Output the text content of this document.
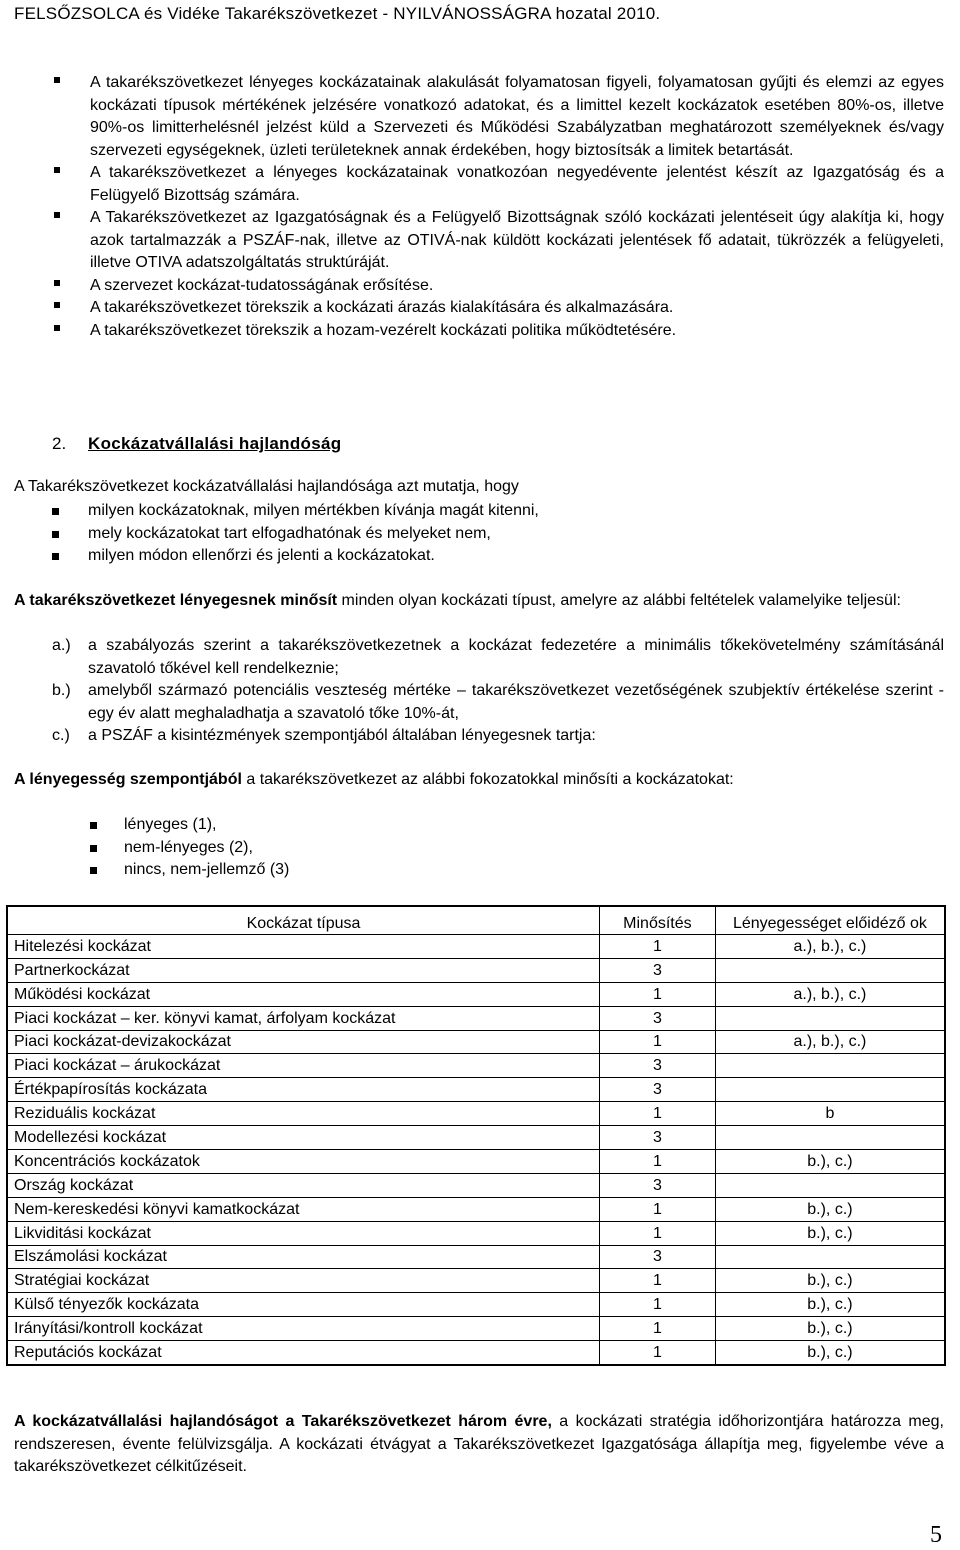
FELSŐZSOLCA és Vidéke Takarékszövetkezet - NYILVÁNOSSÁGRA hozatal 2010.
A takarékszövetkezet lényeges kockázatainak alakulását folyamatosan figyeli, folyamatosan gyűjti és elemzi az egyes kockázati típusok mértékének jelzésére vonatkozó adatokat, és a limittel kezelt kockázatok esetében 80%-os, illetve 90%-os limitterhelésnél jelzést küld a Szervezeti és Működési Szabályzatban meghatározott személyeknek és/vagy szervezeti egységeknek, üzleti területeknek annak érdekében, hogy biztosítsák a limitek betartását.
A takarékszövetkezet a lényeges kockázatainak vonatkozóan negyedévente jelentést készít az Igazgatóság és a Felügyelő Bizottság számára.
A Takarékszövetkezet az Igazgatóságnak és a Felügyelő Bizottságnak szóló kockázati jelentéseit úgy alakítja ki, hogy azok tartalmazzák a PSZÁF-nak, illetve az OTIVÁ-nak küldött kockázati jelentések fő adatait, tükrözzék a felügyeleti, illetve OTIVA adatszolgáltatás struktúráját.
A szervezet kockázat-tudatosságának erősítése.
A takarékszövetkezet törekszik a kockázati árazás kialakítására és alkalmazására.
A takarékszövetkezet törekszik a hozam-vezérelt kockázati politika működtetésére.
2. Kockázatvállalási hajlandóság
A Takarékszövetkezet kockázatvállalási hajlandósága azt mutatja, hogy
milyen kockázatoknak, milyen mértékben kívánja magát kitenni,
mely kockázatokat tart elfogadhatónak és melyeket nem,
milyen módon ellenőrzi és jelenti a kockázatokat.
A takarékszövetkezet lényegesnek minősít minden olyan kockázati típust, amelyre az alábbi feltételek valamelyike teljesül:
a.) a szabályozás szerint a takarékszövetkezetnek a kockázat fedezetére a minimális tőkekövetelmény számításánál szavatoló tőkével kell rendelkeznie;
b.) amelyből származó potenciális veszteség mértéke – takarékszövetkezet vezetőségének szubjektív értékelése szerint - egy év alatt meghaladhatja a szavatoló tőke 10%-át,
c.) a PSZÁF a kisintézmények szempontjából általában lényegesnek tartja:
A lényegesség szempontjából a takarékszövetkezet az alábbi fokozatokkal minősíti a kockázatokat:
lényeges (1),
nem-lényeges (2),
nincs, nem-jellemző (3)
Kockázat típusa	Minősítés	Lényegességet előidéző ok
Hitelezési kockázat	1	a.), b.), c.)
Partnerkockázat	3	
Működési kockázat	1	a.), b.), c.)
Piaci kockázat – ker. könyvi kamat, árfolyam kockázat	3	
Piaci kockázat-devizakockázat	1	a.), b.), c.)
Piaci kockázat – árukockázat	3	
Értékpapírosítás kockázata	3	
Reziduális kockázat	1	b
Modellezési kockázat	3	
Koncentrációs kockázatok	1	b.), c.)
Ország kockázat	3	
Nem-kereskedési könyvi kamatkockázat	1	b.), c.)
Likviditási kockázat	1	b.), c.)
Elszámolási kockázat	3	
Stratégiai kockázat	1	b.), c.)
Külső tényezők kockázata	1	b.), c.)
Irányítási/kontroll kockázat	1	b.), c.)
Reputációs kockázat	1	b.), c.)
A kockázatvállalási hajlandóságot a Takarékszövetkezet három évre, a kockázati stratégia időhorizontjára határozza meg, rendszeresen, évente felülvizsgálja. A kockázati étvágyat a Takarékszövetkezet Igazgatósága állapítja meg, figyelembe véve a takarékszövetkezet célkitűzéseit.
5
